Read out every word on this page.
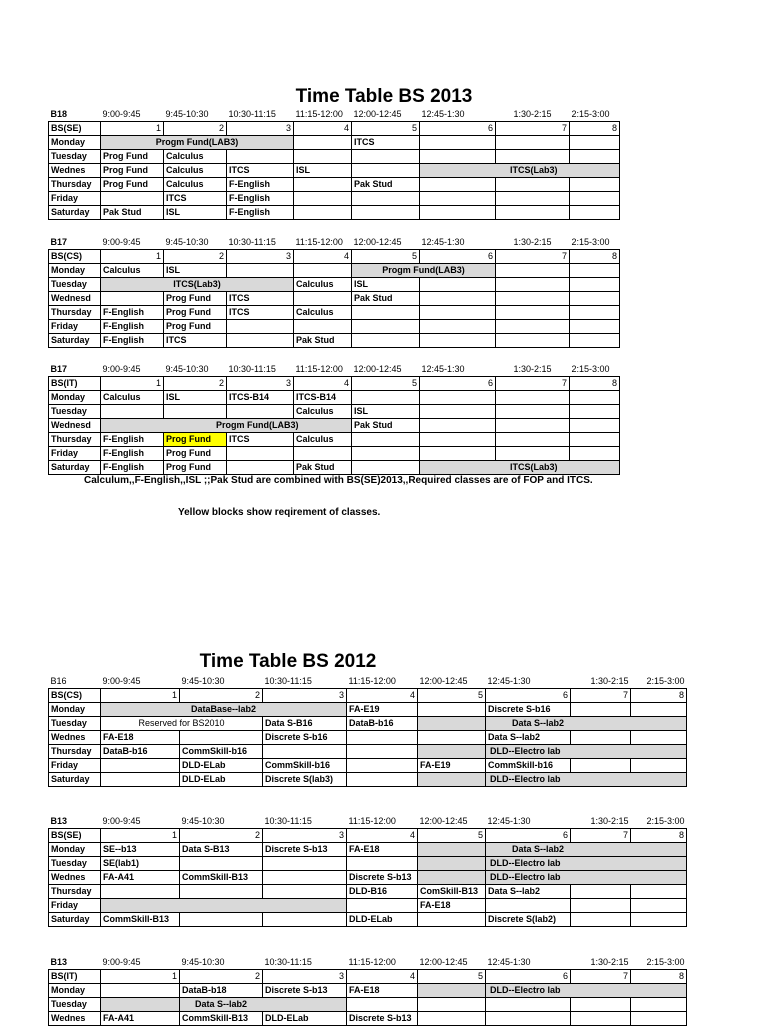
Time Table BS 2013
B18	9:00-9:45	9:45-10:30	10:30-11:15	11:15-12:00	12:00-12:45	12:45-1:30	1:30-2:15	2:15-3:00
BS(SE)	1	2	3	4	5	6	7	8
Monday	Progm Fund(LAB3)				ITCS			
Tuesday	Prog Fund	Calculus						
Wednes	Prog Fund	Calculus	ITCS	ISL		ITCS(Lab3)		
Thursday	Prog Fund	Calculus	F-English		Pak Stud			
Friday		ITCS	F-English					
Saturday	Pak Stud	ISL	F-English					
B17	9:00-9:45	9:45-10:30	10:30-11:15	11:15-12:00	12:00-12:45	12:45-1:30	1:30-2:15	2:15-3:00
BS(CS)	1	2	3	4	5	6	7	8
Monday	Calculus	ISL			Progm Fund(LAB3)			
Tuesday	ITCS(Lab3)			Calculus	ISL			
Wednesd		Prog Fund	ITCS		Pak Stud			
Thursday	F-English	Prog Fund	ITCS	Calculus				
Friday	F-English	Prog Fund						
Saturday	F-English	ITCS		Pak Stud				
B17	9:00-9:45	9:45-10:30	10:30-11:15	11:15-12:00	12:00-12:45	12:45-1:30	1:30-2:15	2:15-3:00
BS(IT)	1	2	3	4	5	6	7	8
Monday	Calculus	ISL	ITCS-B14	ITCS-B14				
Tuesday				Calculus	ISL			
Wednesd	Progm Fund(LAB3)				Pak Stud			
Thursday	F-English	Prog Fund	ITCS	Calculus				
Friday	F-English	Prog Fund						
Saturday	F-English	Prog Fund		Pak Stud		ITCS(Lab3)		

Calculum,,F-English,,ISL ;;Pak Stud are combined with BS(SE)2013,,Required classes are of FOP and ITCS.

Yellow blocks show reqirement of classes.

Time Table BS 2012
B16	9:00-9:45	9:45-10:30	10:30-11:15	11:15-12:00	12:00-12:45	12:45-1:30	1:30-2:15	2:15-3:00
BS(CS)	1	2	3	4	5	6	7	8
Monday	DataBase--lab2			FA-E19		Discrete S-b16		
Tuesday	Reserved for BS2010		Data S-B16	DataB-b16		Data S--lab2		
Wednes	FA-E18		Discrete S-b16			Data S--lab2		
Thursday	DataB-b16	CommSkill-b16				DLD--Electro lab		
Friday		DLD-ELab	CommSkill-b16		FA-E19	CommSkill-b16		
Saturday		DLD-ELab	Discrete S(lab3)			DLD--Electro lab		
B13	9:00-9:45	9:45-10:30	10:30-11:15	11:15-12:00	12:00-12:45	12:45-1:30	1:30-2:15	2:15-3:00
BS(SE)	1	2	3	4	5	6	7	8
Monday	SE--b13	Data S-B13	Discrete S-b13	FA-E18		Data S--lab2		
Tuesday	SE(lab1)					DLD--Electro lab		
Wednes	FA-A41	CommSkill-B13		Discrete S-b13		DLD--Electro lab		
Thursday				DLD-B16	ComSkill-B13	Data S--lab2		
Friday					FA-E18			
Saturday	CommSkill-B13			DLD-ELab		Discrete S(lab2)		
B13	9:00-9:45	9:45-10:30	10:30-11:15	11:15-12:00	12:00-12:45	12:45-1:30	1:30-2:15	2:15-3:00
BS(IT)	1	2	3	4	5	6	7	8
Monday		DataB-b18	Discrete S-b13	FA-E18		DLD--Electro lab		
Tuesday		Data S--lab2						
Wednes	FA-A41	CommSkill-B13	DLD-ELab	Discrete S-b13				
